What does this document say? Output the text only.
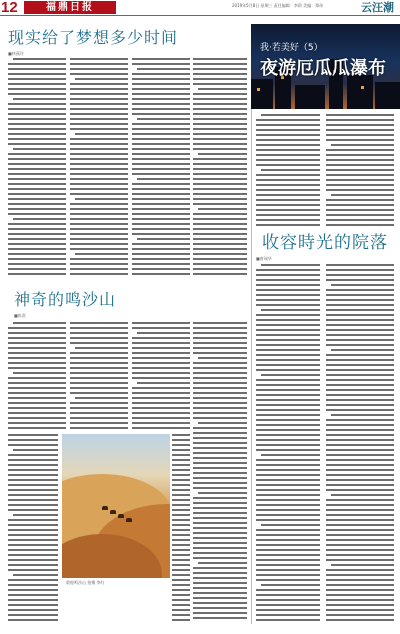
12	福鼎日报	2019年5月8日 星期三 责任编辑：李莉 美编：郑伟	云汪潮
现实给了梦想多少时间
■林燕玲
我·若美好（5）
夜游厄瓜瓜瀑布
收容時光的院落
■唐瑞华
神奇的鸣沙山
■陈嘉
敦煌鸣沙山 拍摄 李红
